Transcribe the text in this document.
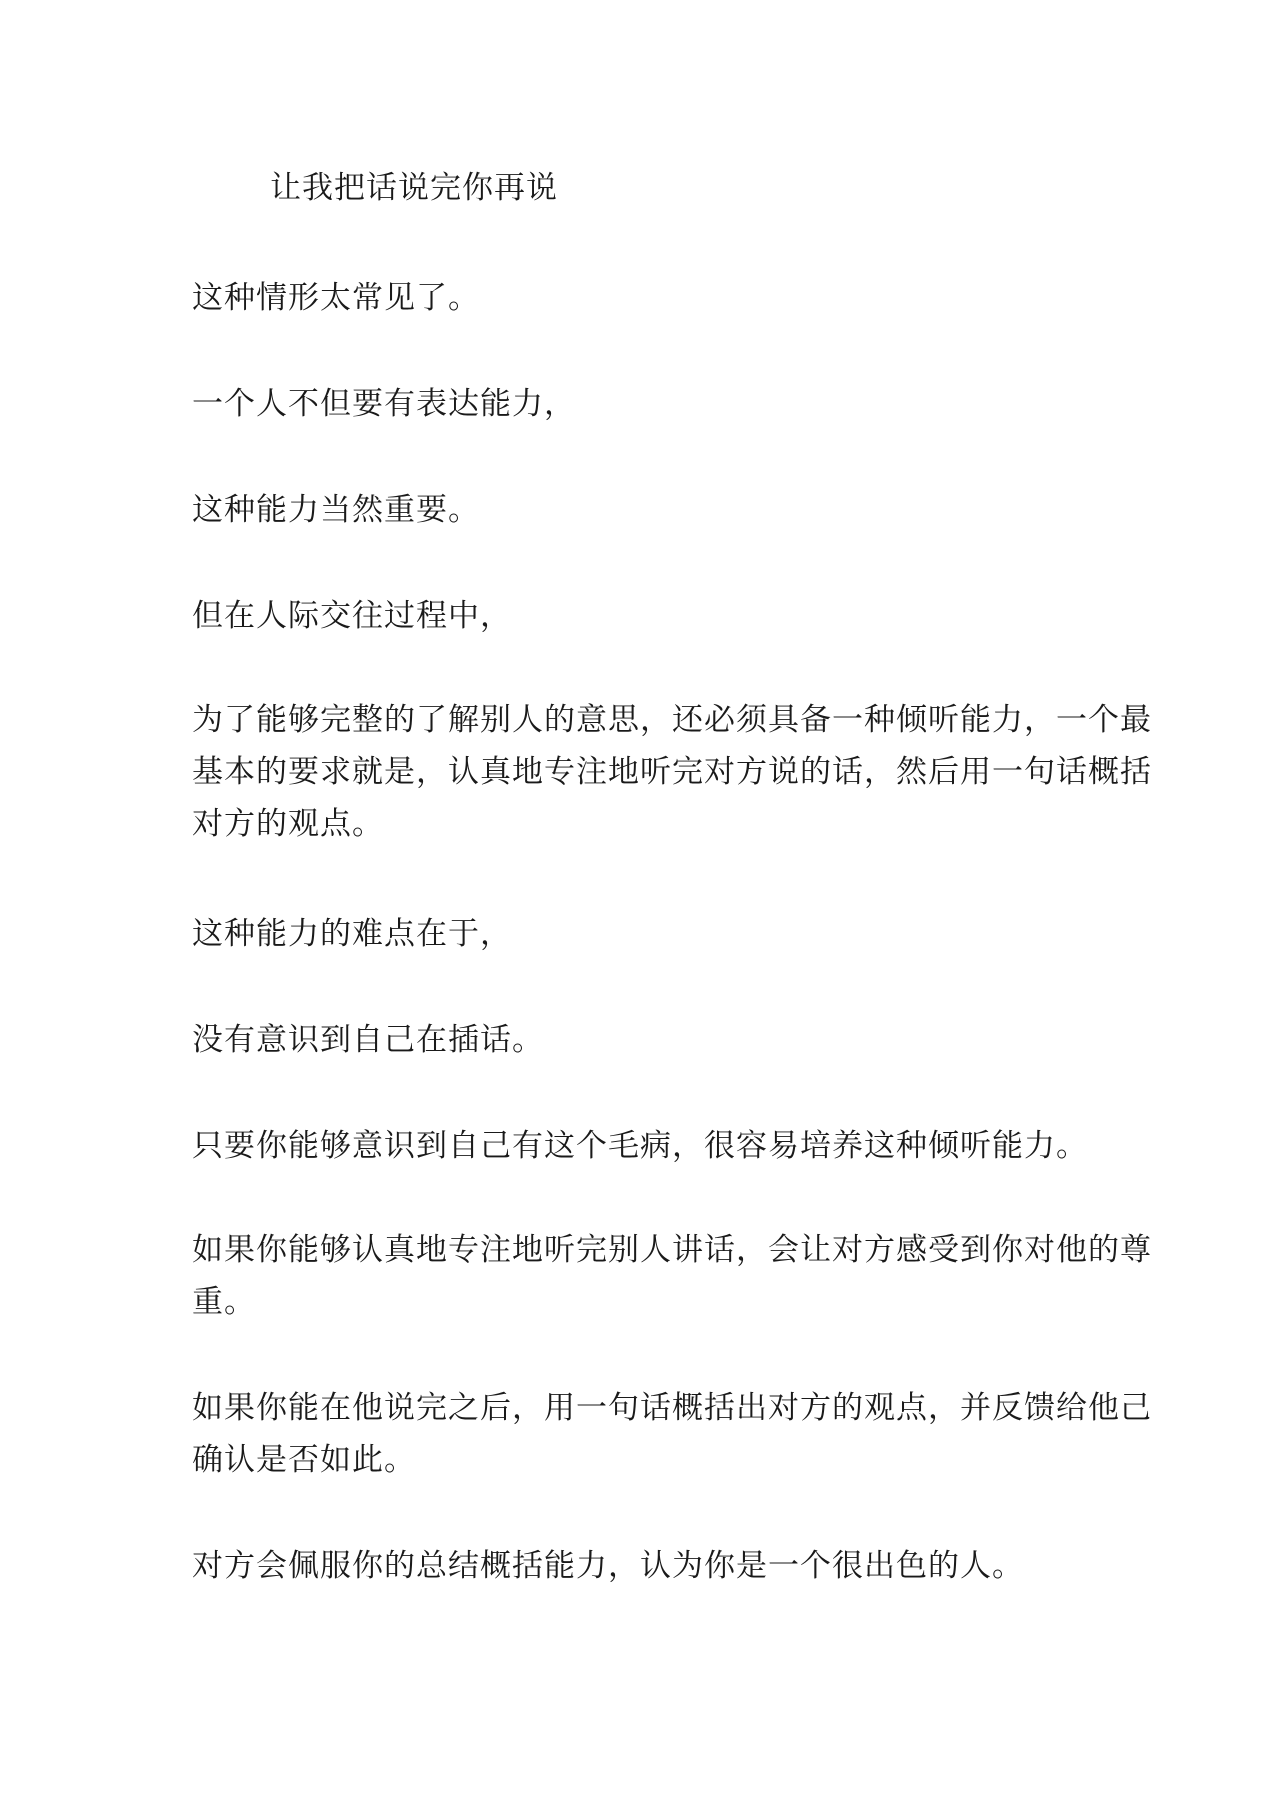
让我把话说完你再说

这种情形太常见了。

一个人不但要有表达能力，

这种能力当然重要。

但在人际交往过程中，

为了能够完整的了解别人的意思，还必须具备一种倾听能力，一个最
基本的要求就是，认真地专注地听完对方说的话，然后用一句话概括
对方的观点。

这种能力的难点在于，

没有意识到自己在插话。

只要你能够意识到自己有这个毛病，很容易培养这种倾听能力。

如果你能够认真地专注地听完别人讲话，会让对方感受到你对他的尊
重。
如果你能在他说完之后，用一句话概括出对方的观点，并反馈给他己
确认是否如此。

对方会佩服你的总结概括能力，认为你是一个很出色的人。
